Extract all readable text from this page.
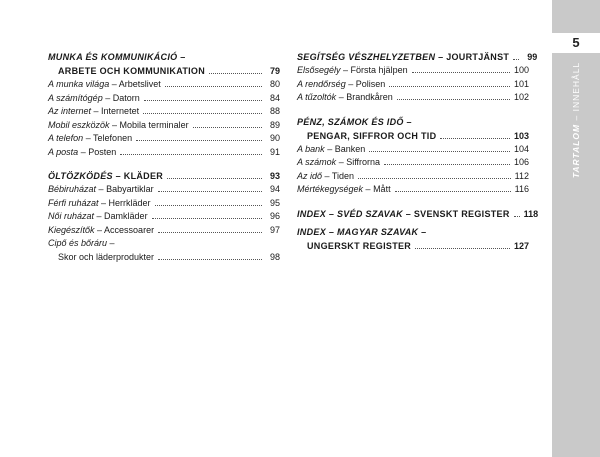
5
TARTALOM – INNEHÅLL
MUNKA ÉS KOMMUNIKÁCIÓ –
ARBETE OCH KOMMUNIKATION	79
A munka világa – Arbetslivet	80
A számítógép – Datorn	84
Az internet – Internetet	88
Mobil eszközök – Mobila terminaler	89
A telefon – Telefonen	90
A posta – Posten	91
ÖLTÖZKÖDÉS – KLÄDER	93
Bébiruházat – Babyartiklar	94
Férfi ruházat – Herrkläder	95
Női ruházat – Damkläder	96
Kiegészítők – Accessoarer	97
Cipő és bőráru –
Skor och läderprodukter	98
SEGÍTSÉG VÉSZHELYZETBEN – JOURTJÄNST	99
Elsősegély – Första hjälpen	100
A rendőrség – Polisen	101
A tűzoltók – Brandkåren	102
PÉNZ, SZÁMOK ÉS IDŐ –
PENGAR, SIFFROR OCH TID	103
A bank – Banken	104
A számok – Siffrorna	106
Az idő – Tiden	112
Mértékegységek – Mått	116
INDEX – SVÉD SZAVAK – SVENSKT REGISTER 118
INDEX – MAGYAR SZAVAK –
UNGERSKT REGISTER	127
